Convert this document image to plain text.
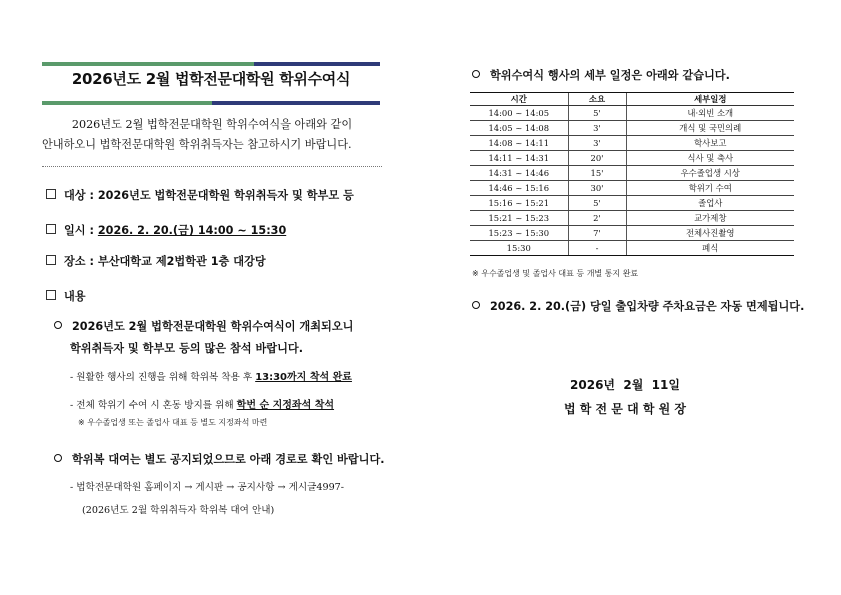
2026년도 2월 법학전문대학원 학위수여식
2026년도 2월 법학전문대학원 학위수여식을 아래와 같이
안내하오니 법학전문대학원 학위취득자는 참고하시기 바랍니다.
대상 : 2026년도 법학전문대학원 학위취득자 및 학부모 등
일시 : 2026. 2. 20.(금) 14:00 ~ 15:30
장소 : 부산대학교 제2법학관 1층 대강당
내용
2026년도 2월 법학전문대학원 학위수여식이 개최되오니
학위취득자 및 학부모 등의 많은 참석 바랍니다.
- 원활한 행사의 진행을 위해 학위복 착용 후 13:30까지 착석 완료
- 전체 학위기 수여 시 혼동 방지를 위해 학번 순 지정좌석 착석
※ 우수졸업생 또는 졸업사 대표 등 별도 지정좌석 마련
학위복 대여는 별도 공지되었으므로 아래 경로로 확인 바랍니다.
- 법학전문대학원 홈페이지 → 게시판 → 공지사항 → 게시글4997-
(2026년도 2월 학위취득자 학위복 대여 안내)
학위수여식 행사의 세부 일정은 아래와 같습니다.
시간	소요	세부일정
14:00 ~ 14:05	5'	내·외빈 소개
14:05 ~ 14:08	3'	개식 및 국민의례
14:08 ~ 14:11	3'	학사보고
14:11 ~ 14:31	20'	식사 및 축사
14:31 ~ 14:46	15'	우수졸업생 시상
14:46 ~ 15:16	30'	학위기 수여
15:16 ~ 15:21	5'	졸업사
15:21 ~ 15:23	2'	교가제창
15:23 ~ 15:30	7'	전체사진촬영
15:30	-	폐식
※ 우수졸업생 및 졸업사 대표 등 개별 통지 완료
2026. 2. 20.(금) 당일 출입차량 주차요금은 자동 면제됩니다.
2026년  2월  11일
법 학 전 문 대 학 원 장
